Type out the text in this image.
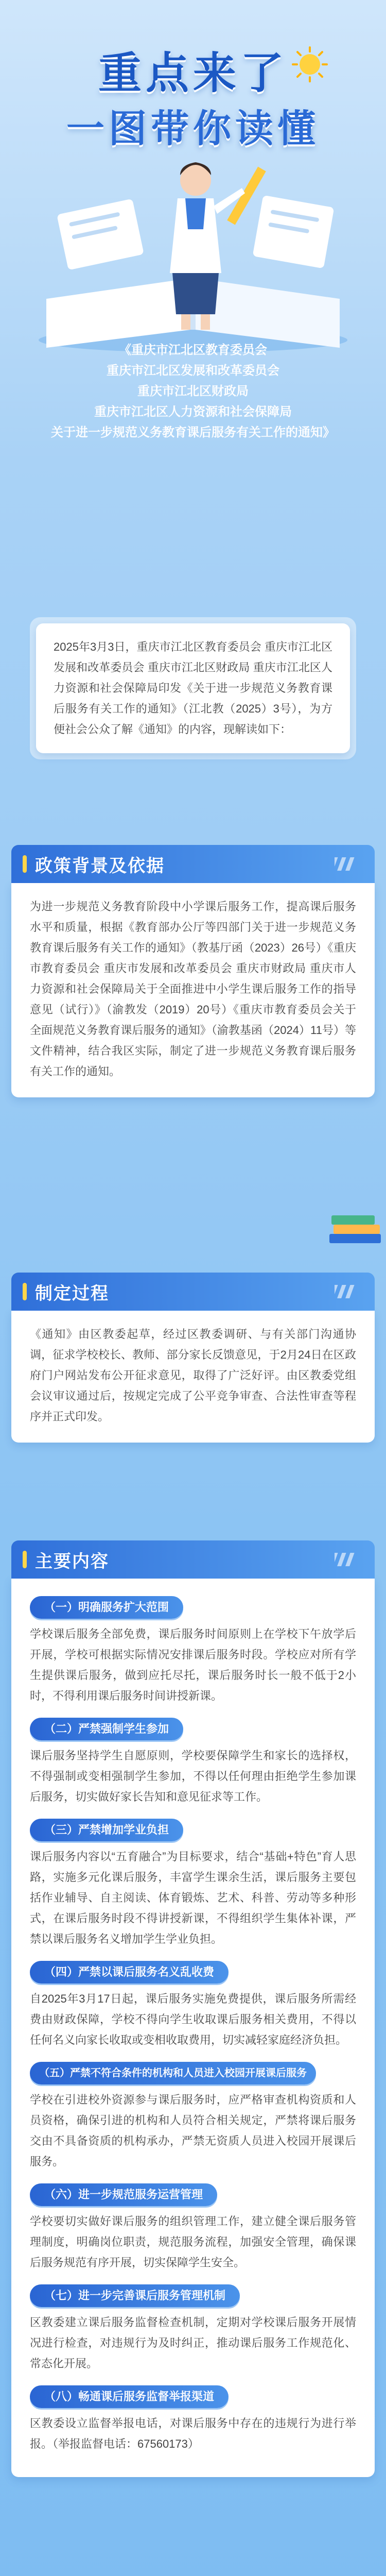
重点来了
一图带你读懂
《重庆市江北区教育委员会
重庆市江北区发展和改革委员会
重庆市江北区财政局
重庆市江北区人力资源和社会保障局
关于进一步规范义务教育课后服务有关工作的通知》

2025年3月3日，重庆市江北区教育委员会 重庆市江北区发展和改革委员会 重庆市江北区财政局 重庆市江北区人力资源和社会保障局印发《关于进一步规范义务教育课后服务有关工作的通知》（江北教（2025）3号），为方便社会公众了解《通知》的内容，现解读如下：

政策背景及依据

为进一步规范义务教育阶段中小学课后服务工作，提高课后服务水平和质量，根据《教育部办公厅等四部门关于进一步规范义务教育课后服务有关工作的通知》（教基厅函（2023）26号）《重庆市教育委员会 重庆市发展和改革委员会 重庆市财政局 重庆市人力资源和社会保障局关于全面推进中小学生课后服务工作的指导意见（试行）》（渝教发（2019）20号）《重庆市教育委员会关于全面规范义务教育课后服务的通知》（渝教基函（2024）11号）等文件精神，结合我区实际，制定了进一步规范义务教育课后服务有关工作的通知。

制定过程

《通知》由区教委起草，经过区教委调研、与有关部门沟通协调，征求学校校长、教师、部分家长反馈意见，于2月24日在区政府门户网站发布公开征求意见，取得了广泛好评。由区教委党组会议审议通过后，按规定完成了公平竞争审查、合法性审查等程序并正式印发。

主要内容
（一）明确服务扩大范围

学校课后服务全部免费，课后服务时间原则上在学校下午放学后开展，学校可根据实际情况安排课后服务时段。学校应对所有学生提供课后服务，做到应托尽托，课后服务时长一般不低于2小时，不得利用课后服务时间讲授新课。

（二）严禁强制学生参加

课后服务坚持学生自愿原则，学校要保障学生和家长的选择权，不得强制或变相强制学生参加，不得以任何理由拒绝学生参加课后服务，切实做好家长告知和意见征求等工作。

（三）严禁增加学业负担

课后服务内容以“五育融合”为目标要求，结合“基础+特色”育人思路，实施多元化课后服务，丰富学生课余生活，课后服务主要包括作业辅导、自主阅读、体育锻炼、艺术、科普、劳动等多种形式，在课后服务时段不得讲授新课，不得组织学生集体补课，严禁以课后服务名义增加学生学业负担。

（四）严禁以课后服务名义乱收费

自2025年3月17日起，课后服务实施免费提供，课后服务所需经费由财政保障，学校不得向学生收取课后服务相关费用，不得以任何名义向家长收取或变相收取费用，切实减轻家庭经济负担。

（五）严禁不符合条件的机构和人员进入校园开展课后服务

学校在引进校外资源参与课后服务时，应严格审查机构资质和人员资格，确保引进的机构和人员符合相关规定，严禁将课后服务交由不具备资质的机构承办，严禁无资质人员进入校园开展课后服务。

（六）进一步规范服务运营管理

学校要切实做好课后服务的组织管理工作，建立健全课后服务管理制度，明确岗位职责，规范服务流程，加强安全管理，确保课后服务规范有序开展，切实保障学生安全。

（七）进一步完善课后服务管理机制

区教委建立课后服务监督检查机制，定期对学校课后服务开展情况进行检查，对违规行为及时纠正，推动课后服务工作规范化、常态化开展。

（八）畅通课后服务监督举报渠道

区教委设立监督举报电话，对课后服务中存在的违规行为进行举报。（举报监督电话：67560173）
